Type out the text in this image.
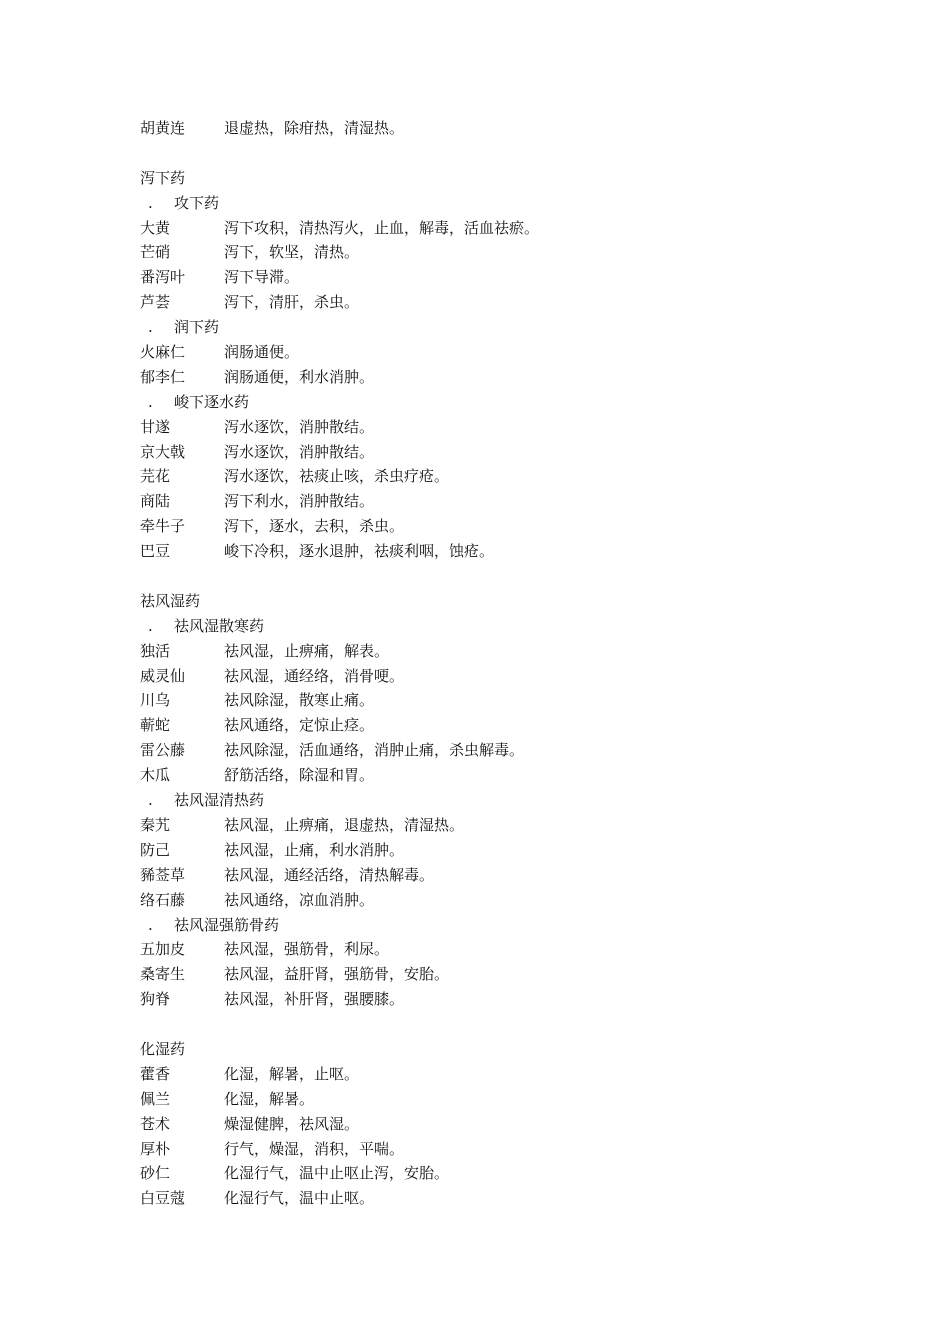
胡黄连	退虚热，除疳热，清湿热。
泻下药
.	攻下药
大黄	泻下攻积，清热泻火，止血，解毒，活血祛瘀。
芒硝	泻下，软坚，清热。
番泻叶	泻下导滞。
芦荟	泻下，清肝，杀虫。
.	润下药
火麻仁	润肠通便。
郁李仁	润肠通便，利水消肿。
.	峻下逐水药
甘遂	泻水逐饮，消肿散结。
京大戟	泻水逐饮，消肿散结。
芫花	泻水逐饮，祛痰止咳，杀虫疗疮。
商陆	泻下利水，消肿散结。
牵牛子	泻下，逐水，去积，杀虫。
巴豆	峻下冷积，逐水退肿，祛痰利咽，蚀疮。
祛风湿药
.	祛风湿散寒药
独活	祛风湿，止痹痛，解表。
威灵仙	祛风湿，通经络，消骨哽。
川乌	祛风除湿，散寒止痛。
蕲蛇	祛风通络，定惊止痉。
雷公藤	祛风除湿，活血通络，消肿止痛，杀虫解毒。
木瓜	舒筋活络，除湿和胃。
.	祛风湿清热药
秦艽	祛风湿，止痹痛，退虚热，清湿热。
防己	祛风湿，止痛，利水消肿。
豨莶草	祛风湿，通经活络，清热解毒。
络石藤	祛风通络，凉血消肿。
.	祛风湿强筋骨药
五加皮	祛风湿，强筋骨，利尿。
桑寄生	祛风湿，益肝肾，强筋骨，安胎。
狗脊	祛风湿，补肝肾，强腰膝。
化湿药
藿香	化湿，解暑，止呕。
佩兰	化湿，解暑。
苍术	燥湿健脾，祛风湿。
厚朴	行气，燥湿，消积，平喘。
砂仁	化湿行气，温中止呕止泻，安胎。
白豆蔻	化湿行气，温中止呕。
